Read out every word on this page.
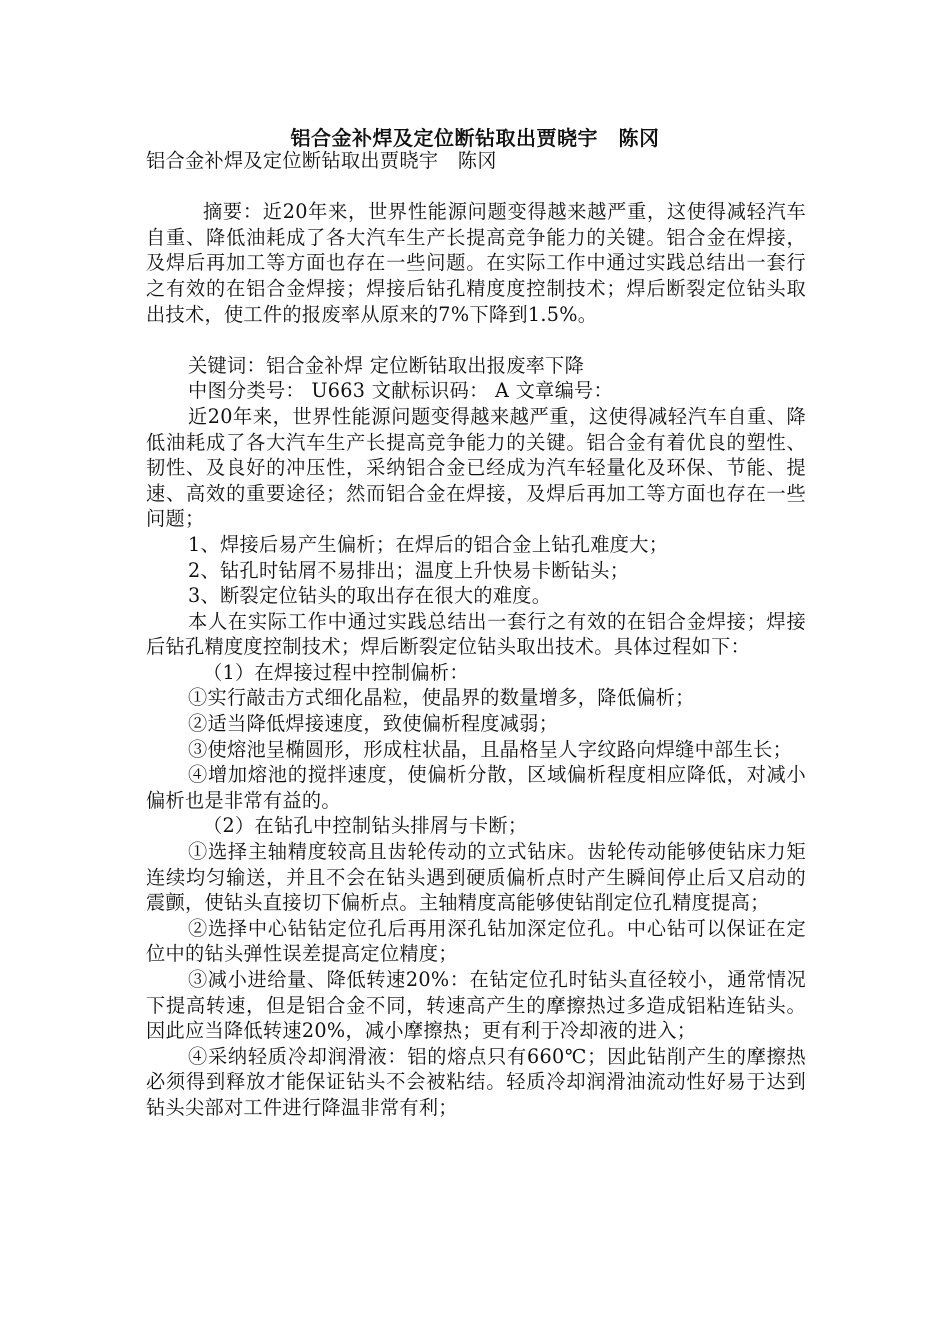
铝合金补焊及定位断钻取出贾晓宇　陈冈

铝合金补焊及定位断钻取出贾晓宇　陈冈

摘要：近20年来，世界性能源问题变得越来越严重，这使得减轻汽车自重、降低油耗成了各大汽车生产长提高竞争能力的关键。铝合金在焊接，及焊后再加工等方面也存在一些问题。在实际工作中通过实践总结出一套行之有效的在铝合金焊接；焊接后钻孔精度度控制技术；焊后断裂定位钻头取出技术，使工件的报废率从原来的7%下降到1.5%。

关键词：铝合金补焊 定位断钻取出报废率下降

中图分类号： U663 文献标识码： A 文章编号：

近20年来，世界性能源问题变得越来越严重，这使得减轻汽车自重、降低油耗成了各大汽车生产长提高竞争能力的关键。铝合金有着优良的塑性、韧性、及良好的冲压性，采纳铝合金已经成为汽车轻量化及环保、节能、提速、高效的重要途径；然而铝合金在焊接，及焊后再加工等方面也存在一些问题；

1、焊接后易产生偏析；在焊后的铝合金上钻孔难度大；

2、钻孔时钻屑不易排出；温度上升快易卡断钻头；

3、断裂定位钻头的取出存在很大的难度。

本人在实际工作中通过实践总结出一套行之有效的在铝合金焊接；焊接后钻孔精度度控制技术；焊后断裂定位钻头取出技术。具体过程如下：

（1）在焊接过程中控制偏析：

①实行敲击方式细化晶粒，使晶界的数量增多，降低偏析；

②适当降低焊接速度，致使偏析程度减弱；

③使熔池呈椭圆形，形成柱状晶，且晶格呈人字纹路向焊缝中部生长；

④增加熔池的搅拌速度，使偏析分散，区域偏析程度相应降低，对减小偏析也是非常有益的。

（2）在钻孔中控制钻头排屑与卡断；

①选择主轴精度较高且齿轮传动的立式钻床。齿轮传动能够使钻床力矩连续均匀输送，并且不会在钻头遇到硬质偏析点时产生瞬间停止后又启动的震颤，使钻头直接切下偏析点。主轴精度高能够使钻削定位孔精度提高；

②选择中心钻钻定位孔后再用深孔钻加深定位孔。中心钻可以保证在定位中的钻头弹性误差提高定位精度；

③减小进给量、降低转速20%：在钻定位孔时钻头直径较小，通常情况下提高转速，但是铝合金不同，转速高产生的摩擦热过多造成铝粘连钻头。因此应当降低转速20%，减小摩擦热；更有利于冷却液的进入；

④采纳轻质冷却润滑液：铝的熔点只有660℃；因此钻削产生的摩擦热必须得到释放才能保证钻头不会被粘结。轻质冷却润滑油流动性好易于达到钻头尖部对工件进行降温非常有利；
